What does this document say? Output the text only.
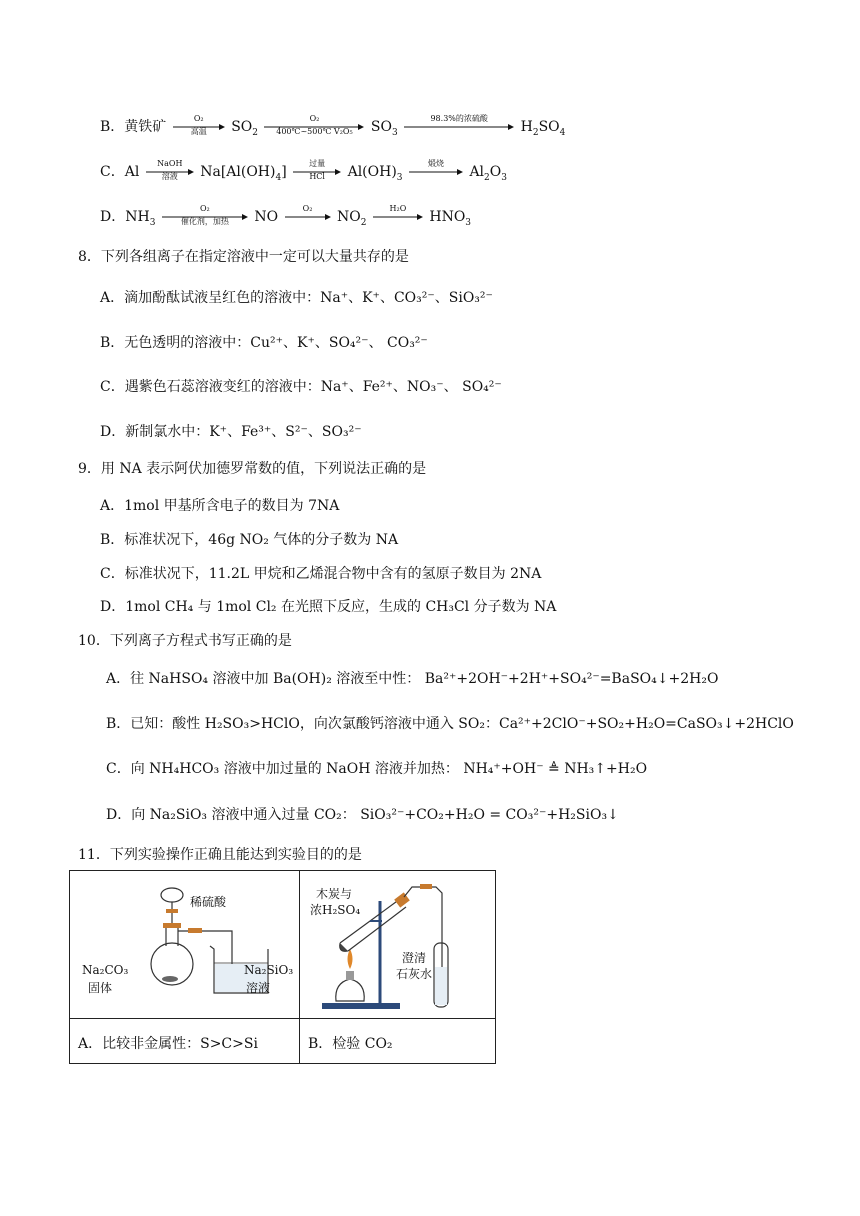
B．黄铁矿
O₂
高温	$SO_2$
O₂
400℃~500℃ V₂O₅	$SO_3$
98.3%的浓硫酸
$H_2SO_4$
C．Al
NaOH
溶液	$Na[Al(OH)_4]$
过量
HCl	$Al(OH)_3$
煅烧
$Al_2O_3$
D．$NH_3$
O₂
催化剂，加热	NO
O₂
$NO_2$
H₂O
$HNO_3$
8．下列各组离子在指定溶液中一定可以大量共存的是
A．滴加酚酞试液呈红色的溶液中：Na⁺、K⁺、CO₃²⁻、SiO₃²⁻
B．无色透明的溶液中：Cu²⁺、K⁺、SO₄²⁻、 CO₃²⁻
C．遇紫色石蕊溶液变红的溶液中：Na⁺、Fe²⁺、NO₃⁻、 SO₄²⁻
D．新制氯水中：K⁺、Fe³⁺、S²⁻、SO₃²⁻
9．用 NA 表示阿伏加德罗常数的值，下列说法正确的是
A．1mol 甲基所含电子的数目为 7NA
B．标准状况下，46g NO₂ 气体的分子数为 NA
C．标准状况下，11.2L 甲烷和乙烯混合物中含有的氢原子数目为 2NA
D．1mol CH₄ 与 1mol Cl₂ 在光照下反应，生成的 CH₃Cl 分子数为 NA
10．下列离子方程式书写正确的是
A．往 NaHSO₄ 溶液中加 Ba(OH)₂ 溶液至中性： Ba²⁺+2OH⁻+2H⁺+SO₄²⁻=BaSO₄↓+2H₂O
B．已知：酸性 H₂SO₃>HClO，向次氯酸钙溶液中通入 SO₂：Ca²⁺+2ClO⁻+SO₂+H₂O=CaSO₃↓+2HClO
C．向 NH₄HCO₃ 溶液中加过量的 NaOH 溶液并加热： NH₄⁺+OH⁻ ≜ NH₃↑+H₂O
D．向 Na₂SiO₃ 溶液中通入过量 CO₂： SiO₃²⁻+CO₂+H₂O = CO₃²⁻+H₂SiO₃↓
11．下列实验操作正确且能达到实验目的的是
稀硫酸
Na₂CO₃
固体
Na₂SiO₃
溶液
木炭与
浓H₂SO₄
澄清
石灰水
A．比较非金属性：S>C>Si	B．检验 CO₂
